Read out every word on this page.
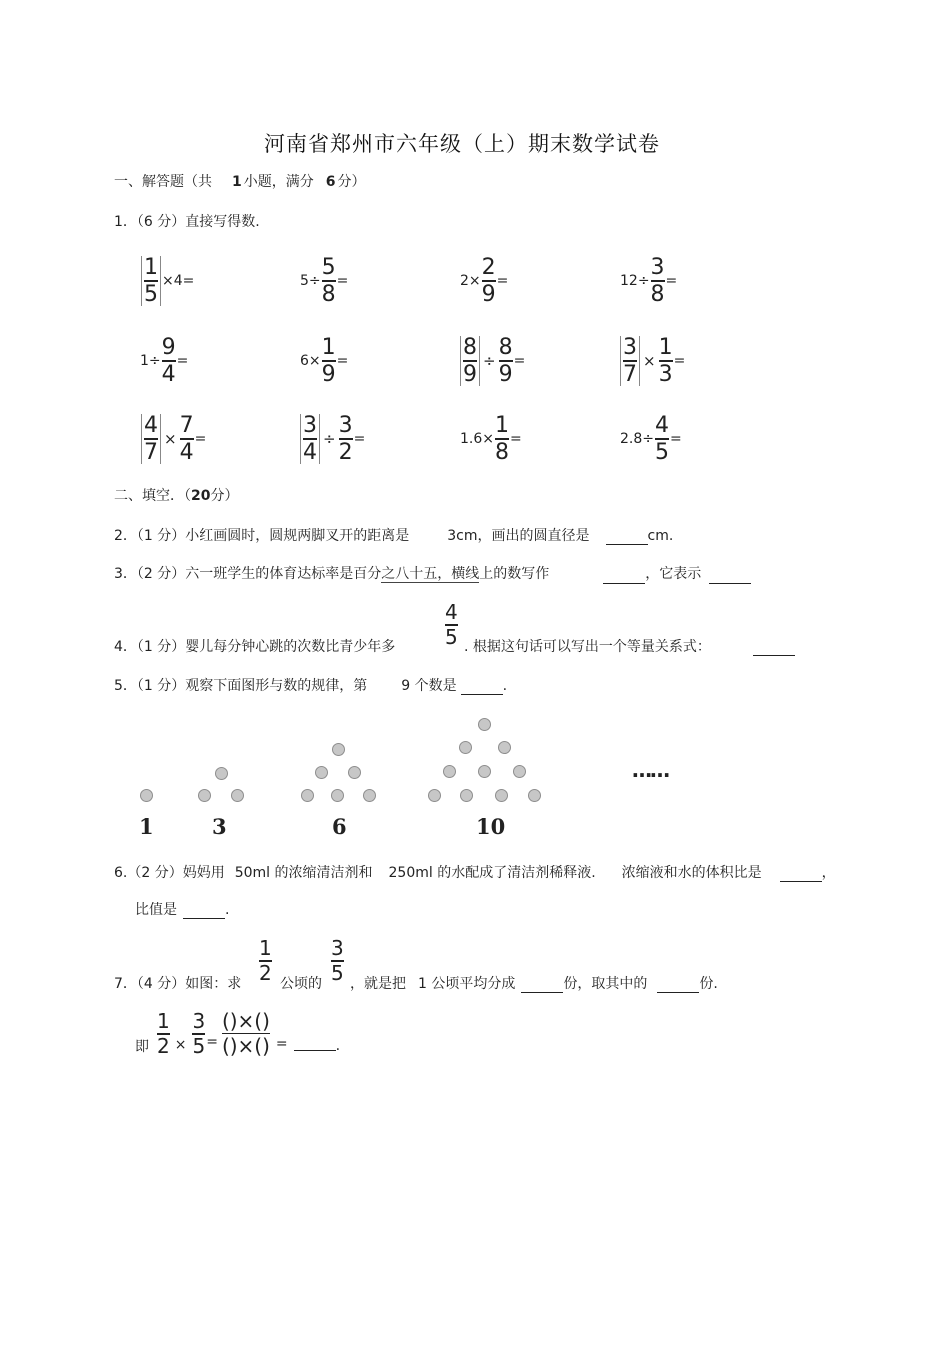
河南省郑州市六年级（上）期末数学试卷
一、解答题（共 1 小题，满分 6 分）
1．（6 分）直接写得数.
$\frac{1}{5} \times 4=$	$5\div \frac{5}{8}$ =	$2\times \frac{2}{9}$ =	$12\div \frac{3}{8}$ =
$1\div \frac{9}{4}$ =	$6\times \frac{1}{9}$ =	$\frac{8}{9} \div \frac{8}{9}$ =	$\frac{3}{7} \times \frac{1}{3}$ =
$\frac{4}{7} \times \frac{7}{4}$ =	$\frac{3}{4} \div \frac{3}{2}$ =	$1.6\times \frac{1}{8}$ =	$2.8\div \frac{4}{5}$ =
二、填空．（20分）
2．（1 分）小红画圆时，圆规两脚叉开的距离是	3cm，画出的圆直径是	cm.
3．（2 分）六一班学生的体育达标率是百分之八十五，横线上的数写作	，它表示
4．（1 分）婴儿每分钟心跳的次数比青少年多 $\frac{4}{5}$ . 根据这句话可以写出一个等量关系式：
5．（1 分）观察下面图形与数的规律，第 9 个数是	.
1	3	6	10
……
6.（2 分）妈妈用 50ml 的浓缩清洁剂和 250ml 的水配成了清洁剂稀释液. 浓缩液和水的体积比是	，
比值是	.
7．（4 分）如图：求 $\frac{1}{2}$ 公顷的 $\frac{3}{5}$ ，就是把 1 公顷平均分成	份，取其中的	份.
即 $\frac{1}{2} \times \frac{3}{5} = \frac{()\times()}{()\times()}$ =	.
